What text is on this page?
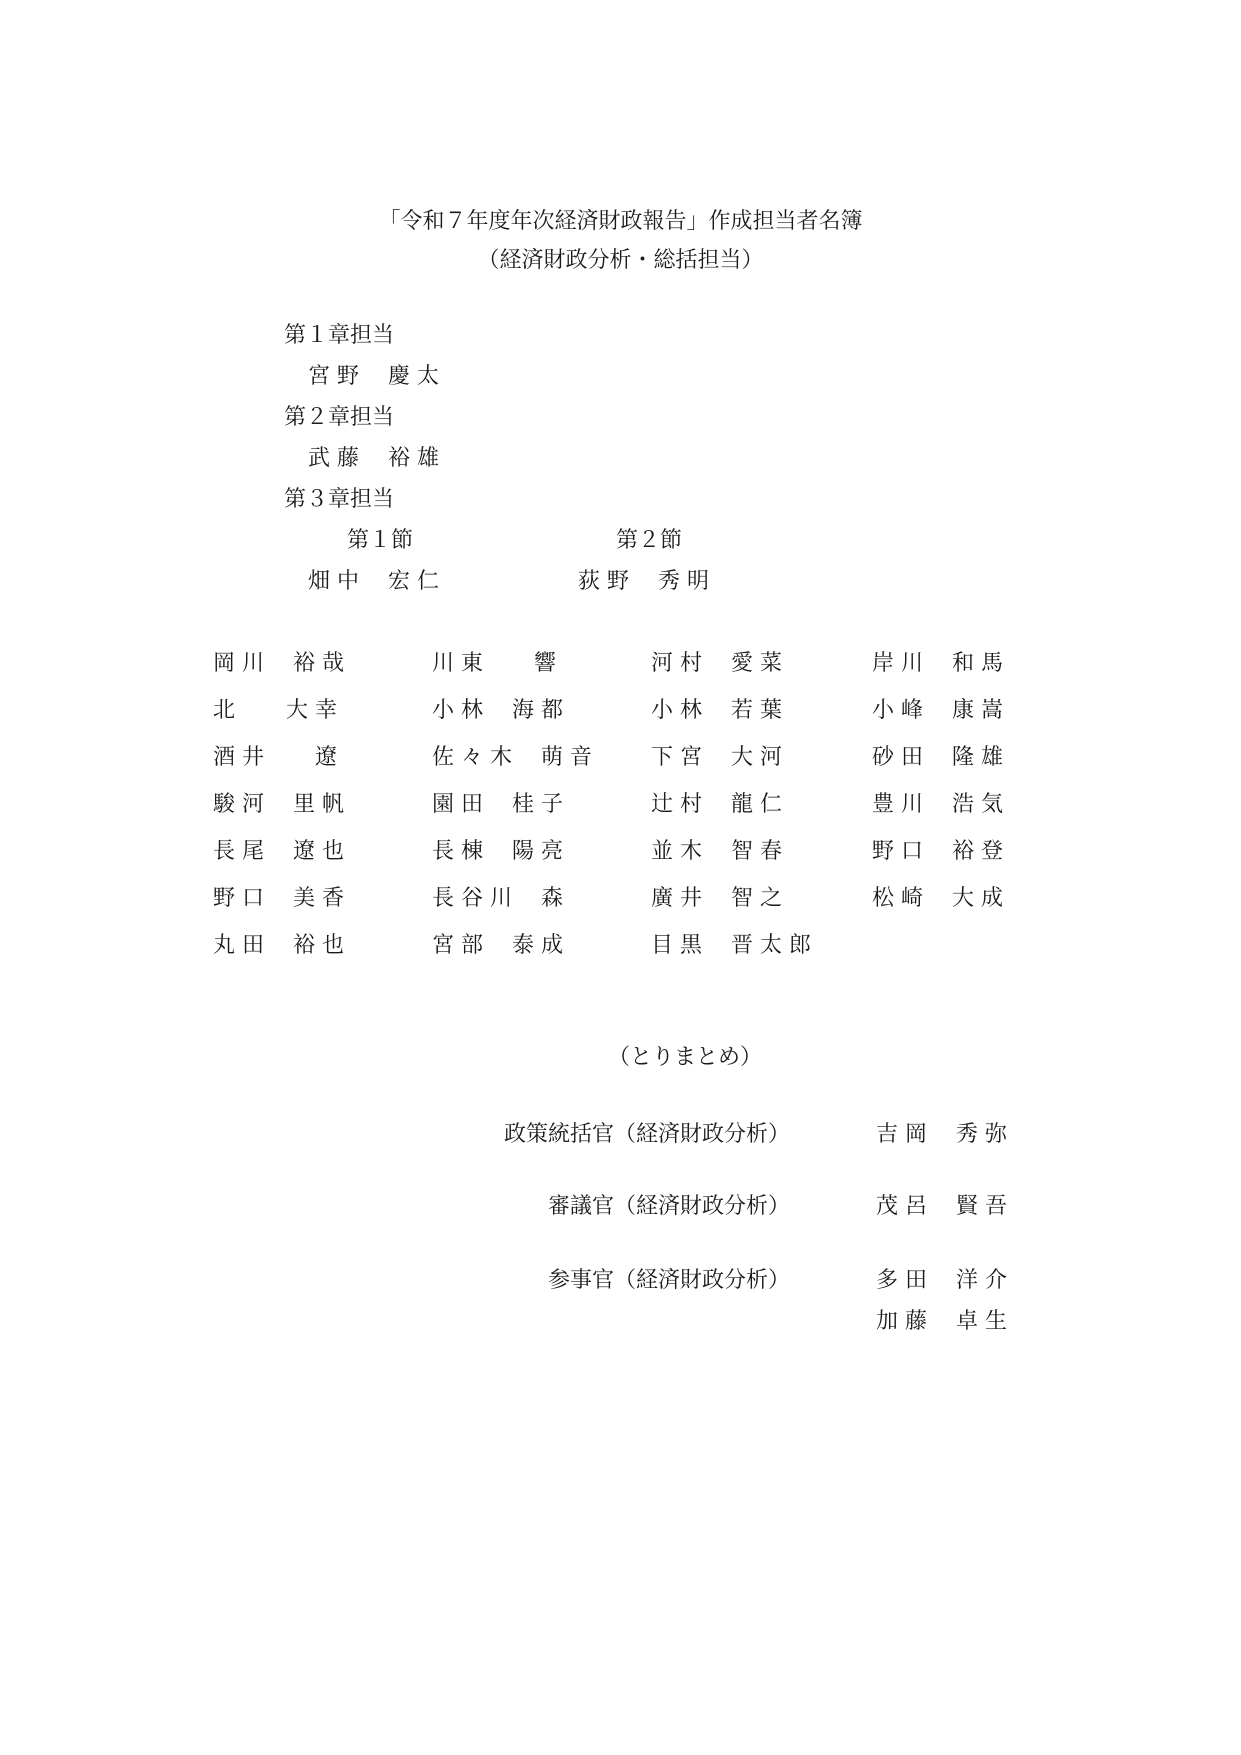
「令和７年度年次経済財政報告」作成担当者名簿
（経済財政分析・総括担当）
第１章担当
宮 野　 慶 太
第２章担当
武 藤　 裕 雄
第３章担当
第１節	第２節
畑 中　 宏 仁	荻 野　 秀 明
岡 川　 裕 哉	川 東　　 響	河 村　 愛 菜	岸 川　 和 馬
北　　 大 幸	小 林　 海 都	小 林　 若 葉	小 峰　 康 嵩
酒 井　　 遼	佐 々 木　 萌 音	下 宮　 大 河	砂 田　 隆 雄
駿 河　 里 帆	園 田　 桂 子	辻 村　 龍 仁	豊 川　 浩 気
長 尾　 遼 也	長 棟　 陽 亮	並 木　 智 春	野 口　 裕 登
野 口　 美 香	長 谷 川　 森	廣 井　 智 之	松 崎　 大 成
丸 田　 裕 也	宮 部　 泰 成	目 黒　 晋 太 郎
（とりまとめ）
政策統括官（経済財政分析）	吉 岡　 秀 弥
審議官（経済財政分析）	茂 呂　 賢 吾
参事官（経済財政分析）	多 田　 洋 介
加 藤　 卓 生
